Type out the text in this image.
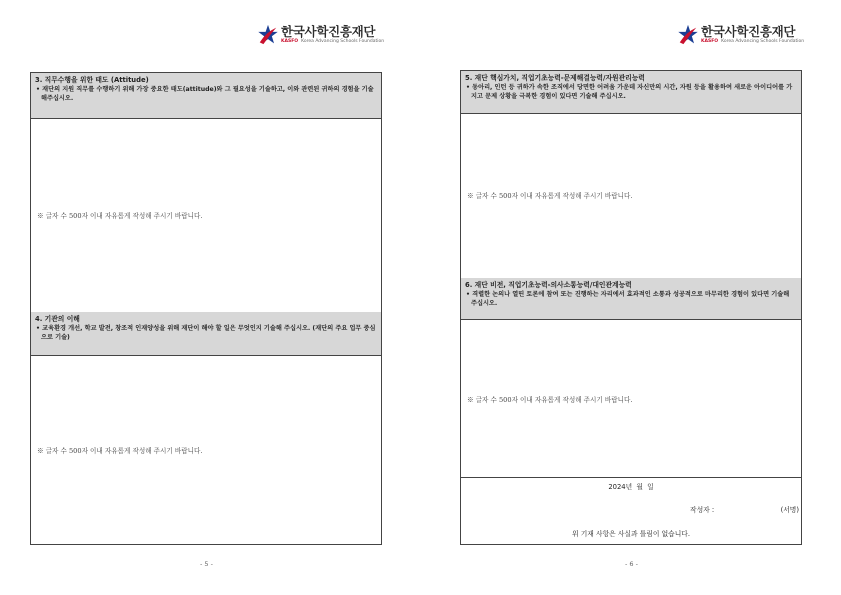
한국사학진흥재단
KASFO Korea Advancing Schools Foundation
3. 직무수행을 위한 태도 (Attitude)
• 재단의 지원 직무를 수행하기 위해 가장 중요한 태도(attitude)와 그 필요성을 기술하고, 이와 관련된 귀하의 경험을 기술해주십시오.
※ 글자 수 500자 이내 자유롭게 작성해 주시기 바랍니다.
4. 기관의 이해
• 교육환경 개선, 학교 발전, 창조적 인재양성을 위해 재단이 해야 할 일은 무엇인지 기술해 주십시오. (재단의 주요 업무 중심으로 기술)
※ 글자 수 500자 이내 자유롭게 작성해 주시기 바랍니다.
- 5 -
한국사학진흥재단
KASFO Korea Advancing Schools Foundation
5. 재단 핵심가치, 직업기초능력-문제해결능력/자원관리능력
• 동아리, 인턴 등 귀하가 속한 조직에서 당면한 어려움 가운데 자신만의 시간, 자원 등을 활용하여 새로운 아이디어를 가지고 문제 상황을 극복한 경험이 있다면 기술해 주십시오.
※ 글자 수 500자 이내 자유롭게 작성해 주시기 바랍니다.
6. 재단 비전, 직업기초능력-의사소통능력/대인관계능력
• 격렬한 논의나 열띤 토론에 참여 또는 진행하는 자리에서 효과적인 소통과 성공적으로 마무리한 경험이 있다면 기술해 주십시오.
※ 글자 수 500자 이내 자유롭게 작성해 주시기 바랍니다.
2024년 월 일
작성자 :	(서명)
위 기재 사항은 사실과 틀림이 없습니다.
- 6 -
